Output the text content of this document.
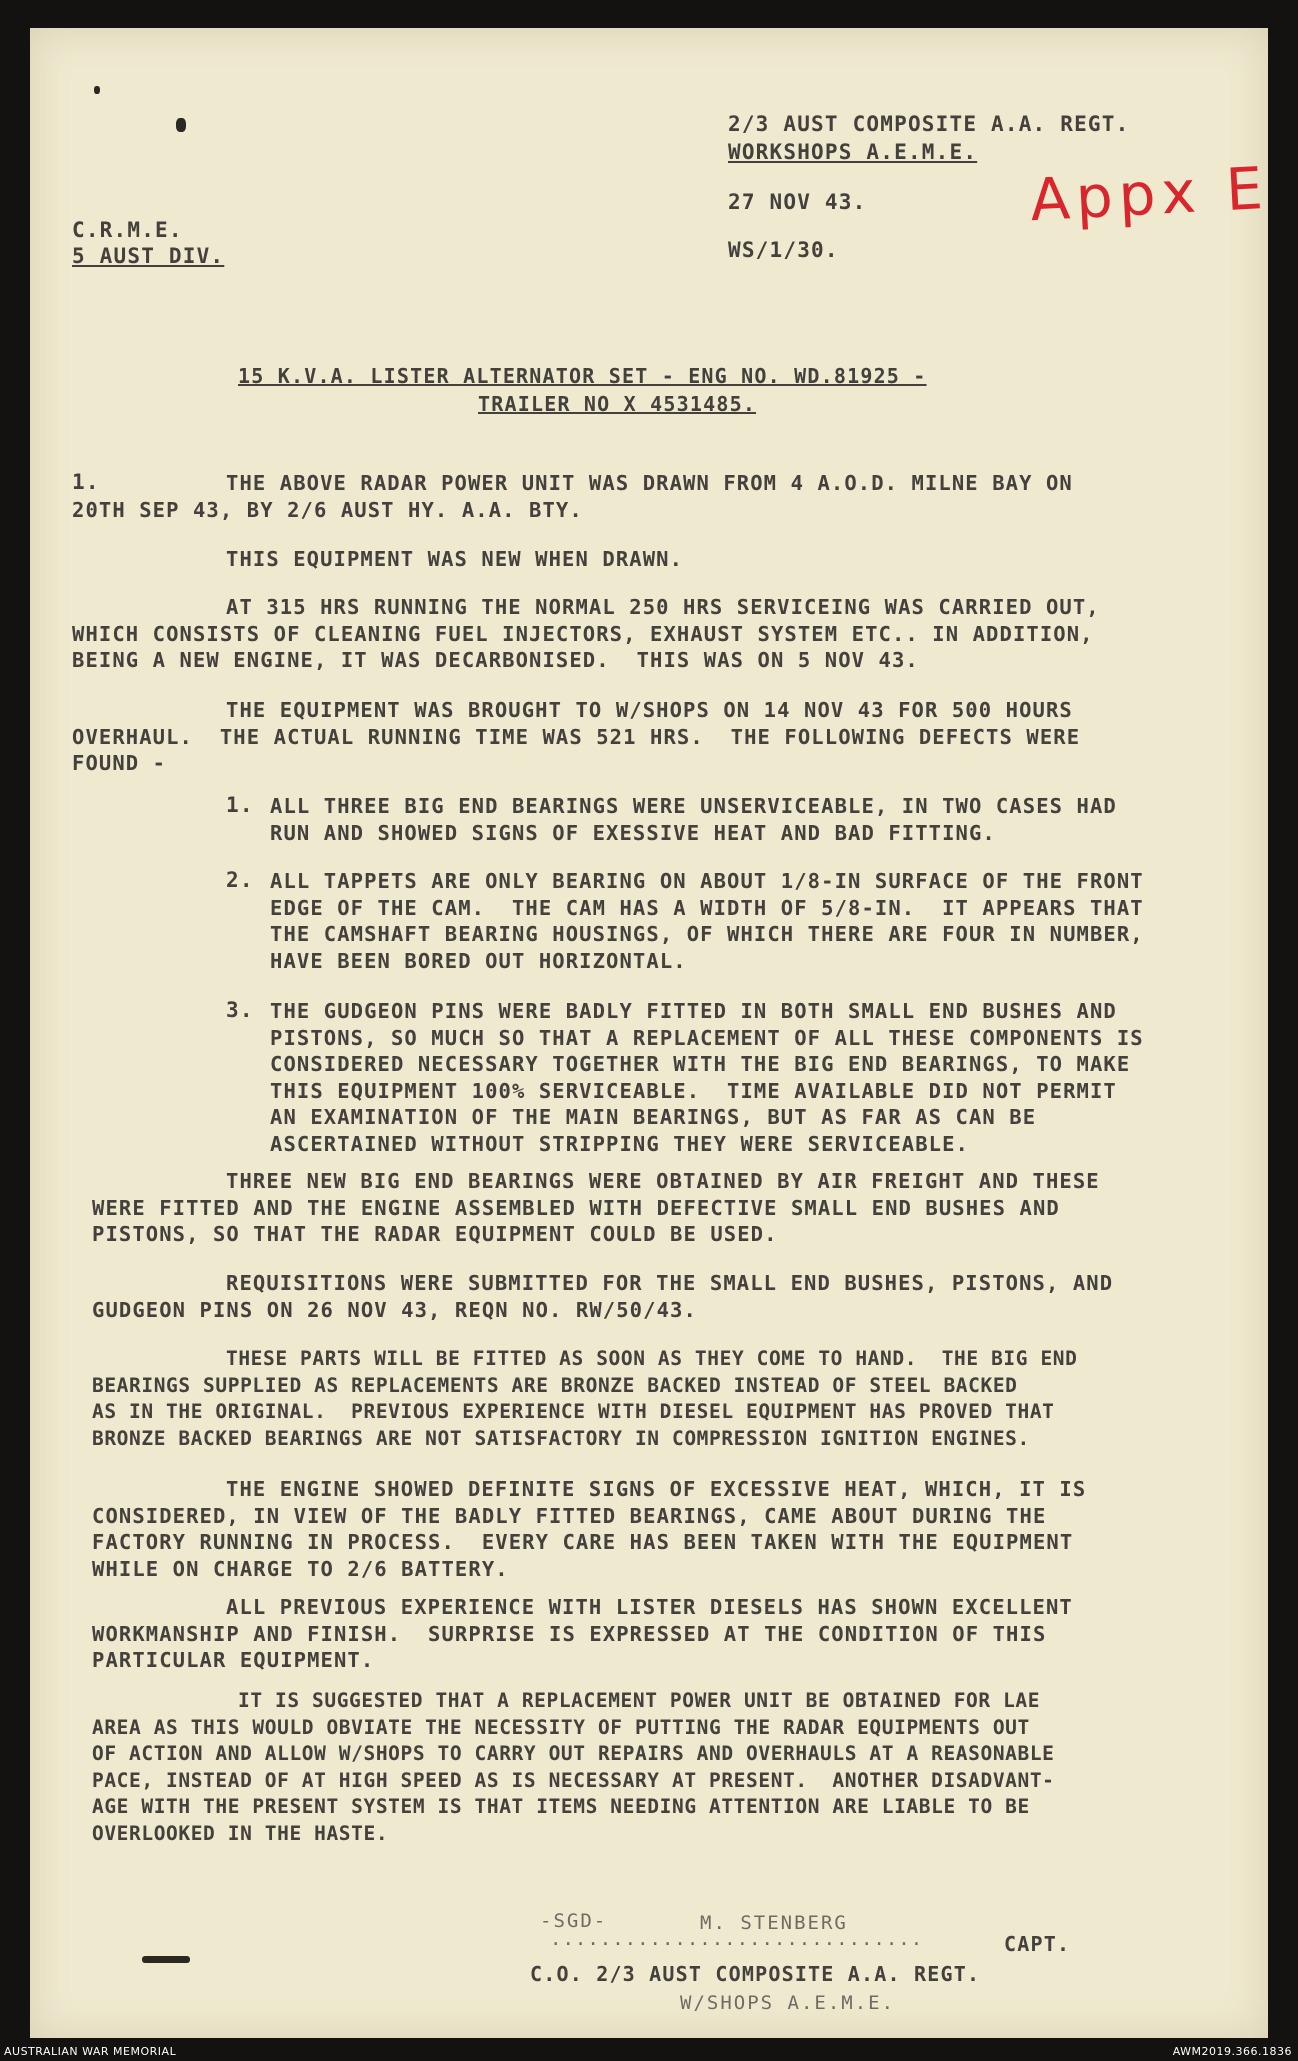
2/3 AUST COMPOSITE A.A. REGT.
WORKSHOPS A.E.M.E.
27 NOV 43.
WS/1/30.
Appx E
C.R.M.E.
5 AUST DIV.
15 K.V.A. LISTER ALTERNATOR SET - ENG NO. WD.81925 -
TRAILER NO X 4531485.
1.	THE ABOVE RADAR POWER UNIT WAS DRAWN FROM 4 A.O.D. MILNE BAY ON
20TH SEP 43, BY 2/6 AUST HY. A.A. BTY.
THIS EQUIPMENT WAS NEW WHEN DRAWN.
AT 315 HRS RUNNING THE NORMAL 250 HRS SERVICEING WAS CARRIED OUT,
WHICH CONSISTS OF CLEANING FUEL INJECTORS, EXHAUST SYSTEM ETC.. IN ADDITION,
BEING A NEW ENGINE, IT WAS DECARBONISED.  THIS WAS ON 5 NOV 43.
THE EQUIPMENT WAS BROUGHT TO W/SHOPS ON 14 NOV 43 FOR 500 HOURS
OVERHAUL.  THE ACTUAL RUNNING TIME WAS 521 HRS.  THE FOLLOWING DEFECTS WERE
FOUND -
1. ALL THREE BIG END BEARINGS WERE UNSERVICEABLE, IN TWO CASES HAD
RUN AND SHOWED SIGNS OF EXESSIVE HEAT AND BAD FITTING.
2. ALL TAPPETS ARE ONLY BEARING ON ABOUT 1/8-IN SURFACE OF THE FRONT
EDGE OF THE CAM.  THE CAM HAS A WIDTH OF 5/8-IN.  IT APPEARS THAT
THE CAMSHAFT BEARING HOUSINGS, OF WHICH THERE ARE FOUR IN NUMBER,
HAVE BEEN BORED OUT HORIZONTAL.
3. THE GUDGEON PINS WERE BADLY FITTED IN BOTH SMALL END BUSHES AND
PISTONS, SO MUCH SO THAT A REPLACEMENT OF ALL THESE COMPONENTS IS
CONSIDERED NECESSARY TOGETHER WITH THE BIG END BEARINGS, TO MAKE
THIS EQUIPMENT 100% SERVICEABLE.  TIME AVAILABLE DID NOT PERMIT
AN EXAMINATION OF THE MAIN BEARINGS, BUT AS FAR AS CAN BE
ASCERTAINED WITHOUT STRIPPING THEY WERE SERVICEABLE.
THREE NEW BIG END BEARINGS WERE OBTAINED BY AIR FREIGHT AND THESE
WERE FITTED AND THE ENGINE ASSEMBLED WITH DEFECTIVE SMALL END BUSHES AND
PISTONS, SO THAT THE RADAR EQUIPMENT COULD BE USED.
REQUISITIONS WERE SUBMITTED FOR THE SMALL END BUSHES, PISTONS, AND
GUDGEON PINS ON 26 NOV 43, REQN NO. RW/50/43.
THESE PARTS WILL BE FITTED AS SOON AS THEY COME TO HAND.  THE BIG END
BEARINGS SUPPLIED AS REPLACEMENTS ARE BRONZE BACKED INSTEAD OF STEEL BACKED
AS IN THE ORIGINAL.  PREVIOUS EXPERIENCE WITH DIESEL EQUIPMENT HAS PROVED THAT
BRONZE BACKED BEARINGS ARE NOT SATISFACTORY IN COMPRESSION IGNITION ENGINES.
THE ENGINE SHOWED DEFINITE SIGNS OF EXCESSIVE HEAT, WHICH, IT IS
CONSIDERED, IN VIEW OF THE BADLY FITTED BEARINGS, CAME ABOUT DURING THE
FACTORY RUNNING IN PROCESS.  EVERY CARE HAS BEEN TAKEN WITH THE EQUIPMENT
WHILE ON CHARGE TO 2/6 BATTERY.
ALL PREVIOUS EXPERIENCE WITH LISTER DIESELS HAS SHOWN EXCELLENT
WORKMANSHIP AND FINISH.  SURPRISE IS EXPRESSED AT THE CONDITION OF THIS
PARTICULAR EQUIPMENT.
IT IS SUGGESTED THAT A REPLACEMENT POWER UNIT BE OBTAINED FOR LAE
AREA AS THIS WOULD OBVIATE THE NECESSITY OF PUTTING THE RADAR EQUIPMENTS OUT
OF ACTION AND ALLOW W/SHOPS TO CARRY OUT REPAIRS AND OVERHAULS AT A REASONABLE
PACE, INSTEAD OF AT HIGH SPEED AS IS NECESSARY AT PRESENT.  ANOTHER DISADVANT-
AGE WITH THE PRESENT SYSTEM IS THAT ITEMS NEEDING ATTENTION ARE LIABLE TO BE
OVERLOOKED IN THE HASTE.
-SGD-	M. STENBERG
..............................	CAPT.
C.O. 2/3 AUST COMPOSITE A.A. REGT.
W/SHOPS A.E.M.E.
AUSTRALIAN WAR MEMORIAL	AWM2019.366.1836
